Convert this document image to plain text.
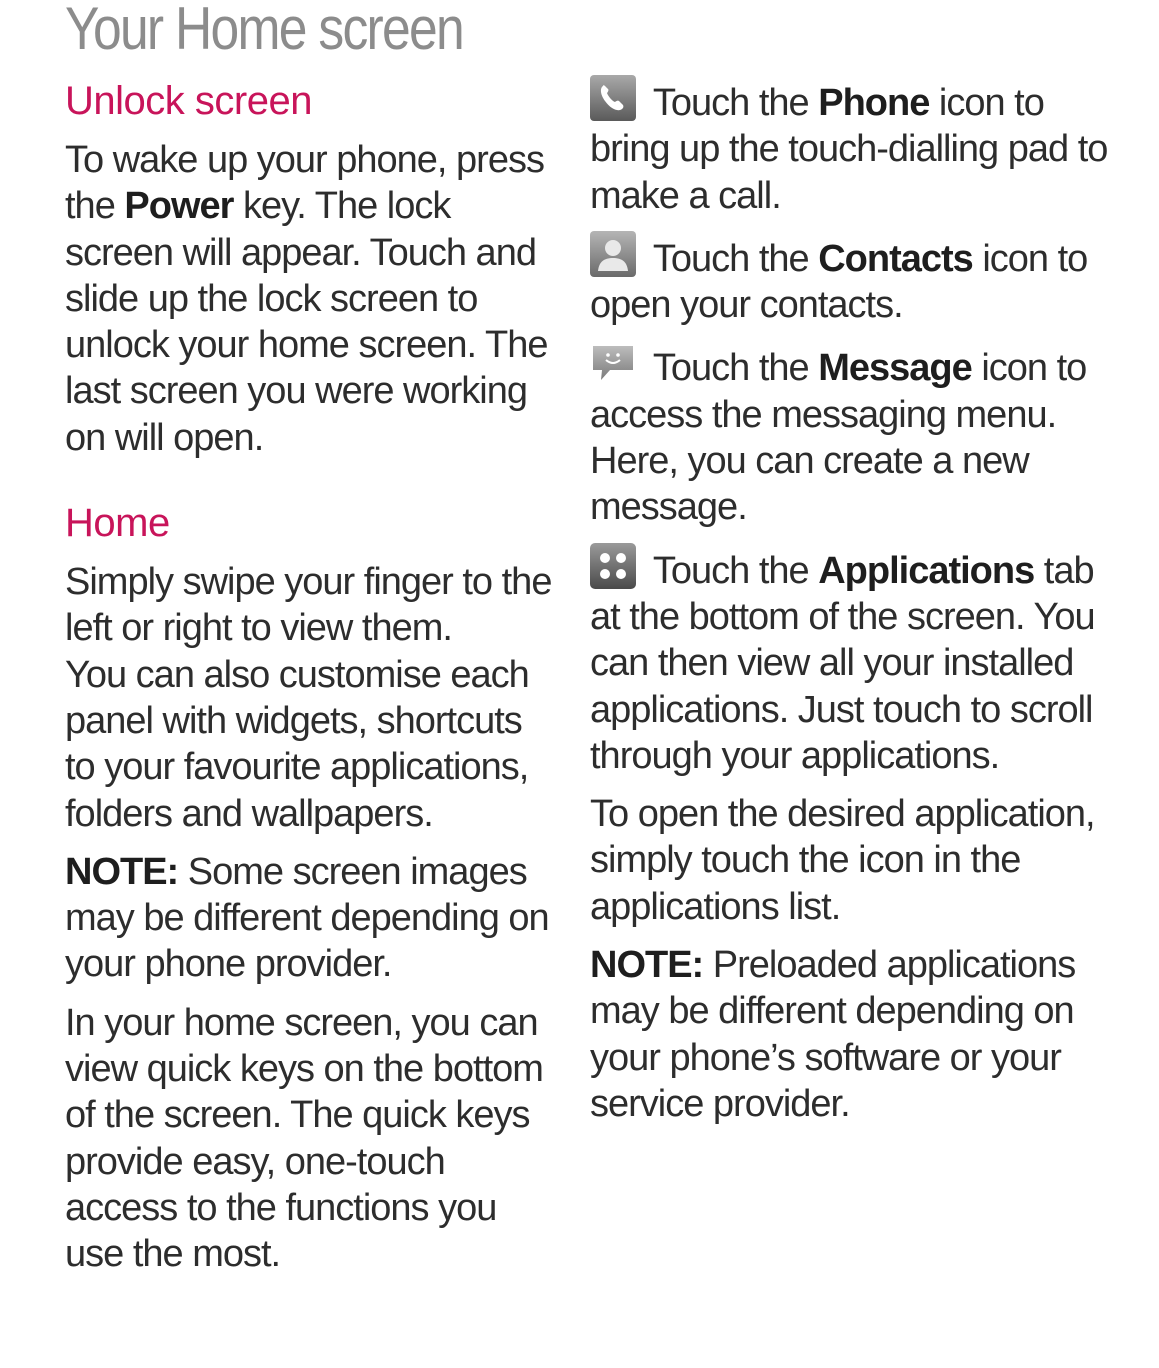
Your Home screen
Unlock screen

To wake up your phone, press the Power key. The lock screen will appear. Touch and slide up the lock screen to unlock your home screen. The last screen you were working on will open.

Home

Simply swipe your finger to the left or right to view them.

You can also customise each panel with widgets, shortcuts to your favourite applications, folders and wallpapers.

NOTE: Some screen images may be different depending on your phone provider.

In your home screen, you can view quick keys on the bottom of the screen. The quick keys provide easy, one-touch access to the functions you use the most.

Touch the Phone icon to bring up the touch-dialling pad to make a call.

Touch the Contacts icon to open your contacts.

Touch the Message icon to access the messaging menu. Here, you can create a new message.

Touch the Applications tab at the bottom of the screen. You can then view all your installed applications. Just touch to scroll through your applications.

To open the desired application, simply touch the icon in the applications list.

NOTE: Preloaded applications may be different depending on your phone’s software or your service provider.
